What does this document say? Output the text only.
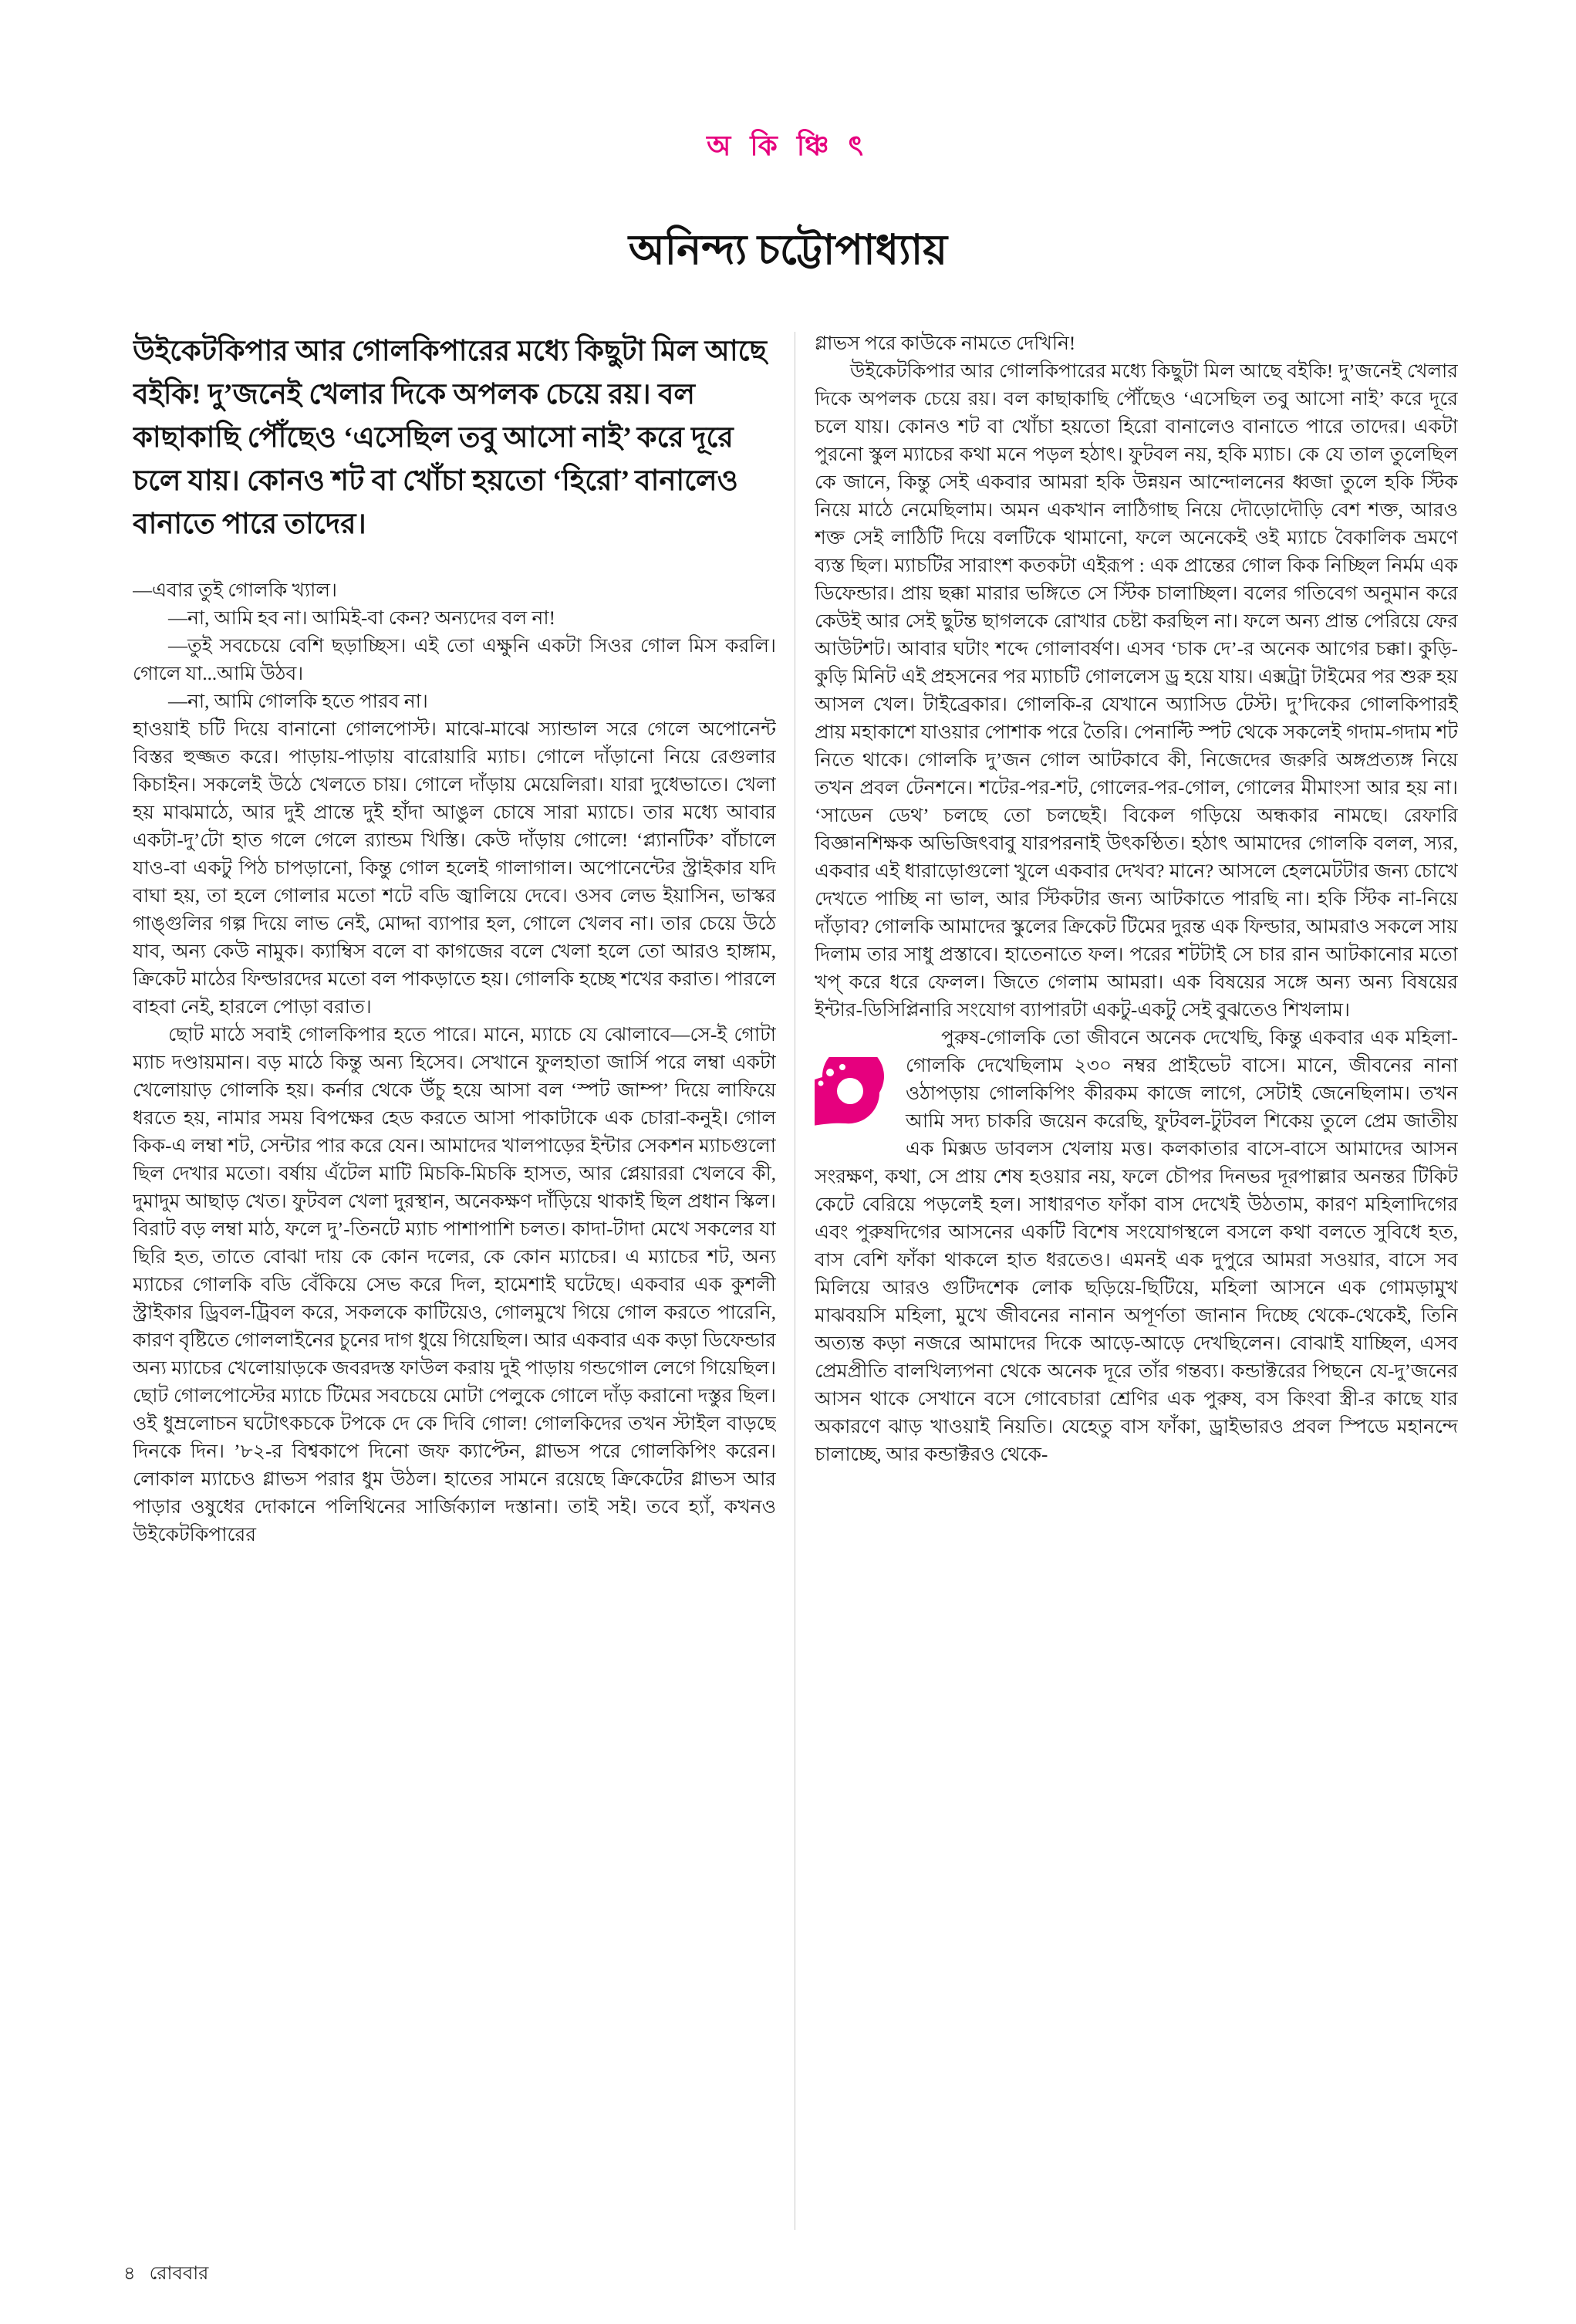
অ কি ঞ্চি ৎ
অনিন্দ্য চট্টোপাধ্যায়

উইকেটকিপার আর গোলকিপারের মধ্যে কিছুটা মিল আছে বইকি! দু’জনেই খেলার দিকে অপলক চেয়ে রয়। বল কাছাকাছি পৌঁছেও ‘এসেছিল তবু আসো নাই’ করে দূরে চলে যায়। কোনও শট বা খোঁচা হয়তো ‘হিরো’ বানালেও বানাতে পারে তাদের।

—এবার তুই গোলকি খ্যাল।

—না, আমি হব না। আমিই-বা কেন? অন্যদের বল না!

—তুই সবচেয়ে বেশি ছড়াচ্ছিস। এই তো এক্ষুনি একটা সিওর গোল মিস করলি। গোলে যা...আমি উঠব।

—না, আমি গোলকি হতে পারব না।

হাওয়াই চটি দিয়ে বানানো গোলপোস্ট। মাঝে-মাঝে স্যান্ডাল সরে গেলে অপোনেন্ট বিস্তর হুজ্জত করে। পাড়ায়-পাড়ায় বারোয়ারি ম্যাচ। গোলে দাঁড়ানো নিয়ে রেগুলার কিচাইন। সকলেই উঠে খেলতে চায়। গোলে দাঁড়ায় মেয়েলিরা। যারা দুধেভাতে। খেলা হয় মাঝমাঠে, আর দুই প্রান্তে দুই হাঁদা আঙুল চোষে সারা ম্যাচে। তার মধ্যে আবার একটা-দু’টো হাত গলে গেলে র‍্যান্ডম খিস্তি। কেউ দাঁড়ায় গোলে! ‘প্ল্যানটিক’ বাঁচালে যাও-বা একটু পিঠ চাপড়ানো, কিন্তু গোল হলেই গালাগাল। অপোনেন্টের স্ট্রাইকার যদি বাঘা হয়, তা হলে গোলার মতো শটে বডি জ্বালিয়ে দেবে। ওসব লেভ ইয়াসিন, ভাস্কর গাঙ্গুলির গল্প দিয়ে লাভ নেই, মোদ্দা ব্যাপার হল, গোলে খেলব না। তার চেয়ে উঠে যাব, অন্য কেউ নামুক। ক্যাম্বিস বলে বা কাগজের বলে খেলা হলে তো আরও হাঙ্গাম, ক্রিকেট মাঠের ফিল্ডারদের মতো বল পাকড়াতে হয়। গোলকি হচ্ছে শখের করাত। পারলে বাহবা নেই, হারলে পোড়া বরাত।

ছোট মাঠে সবাই গোলকিপার হতে পারে। মানে, ম্যাচে যে ঝোলাবে—সে-ই গোটা ম্যাচ দণ্ডায়মান। বড় মাঠে কিন্তু অন্য হিসেব। সেখানে ফুলহাতা জার্সি পরে লম্বা একটা খেলোয়াড় গোলকি হয়। কর্নার থেকে উঁচু হয়ে আসা বল ‘স্পট জাম্প’ দিয়ে লাফিয়ে ধরতে হয়, নামার সময় বিপক্ষের হেড করতে আসা পাকাটাকে এক চোরা-কনুই। গোল কিক-এ লম্বা শট, সেন্টার পার করে যেন। আমাদের খালপাড়ের ইন্টার সেকশন ম্যাচগুলো ছিল দেখার মতো। বর্ষায় এঁটেল মাটি মিচকি-মিচকি হাসত, আর প্লেয়াররা খেলবে কী, দুমাদুম আছাড় খেত। ফুটবল খেলা দুরস্থান, অনেকক্ষণ দাঁড়িয়ে থাকাই ছিল প্রধান স্কিল। বিরাট বড় লম্বা মাঠ, ফলে দু’-তিনটে ম্যাচ পাশাপাশি চলত। কাদা-টাদা মেখে সকলের যা ছিরি হত, তাতে বোঝা দায় কে কোন দলের, কে কোন ম্যাচের। এ ম্যাচের শট, অন্য ম্যাচের গোলকি বডি বেঁকিয়ে সেভ করে দিল, হামেশাই ঘটেছে। একবার এক কুশলী স্ট্রাইকার ড্রিবল-ট্রিবল করে, সকলকে কাটিয়েও, গোলমুখে গিয়ে গোল করতে পারেনি, কারণ বৃষ্টিতে গোললাইনের চুনের দাগ ধুয়ে গিয়েছিল। আর একবার এক কড়া ডিফেন্ডার অন্য ম্যাচের খেলোয়াড়কে জবরদস্ত ফাউল করায় দুই পাড়ায় গন্ডগোল লেগে গিয়েছিল। ছোট গোলপোস্টের ম্যাচে টিমের সবচেয়ে মোটা পেলুকে গোলে দাঁড় করানো দস্তুর ছিল। ওই ধুম্রলোচন ঘটোৎকচকে টপকে দে কে দিবি গোল! গোলকিদের তখন স্টাইল বাড়ছে দিনকে দিন। ’৮২-র বিশ্বকাপে দিনো জফ ক্যাপ্টেন, গ্লাভস পরে গোলকিপিং করেন। লোকাল ম্যাচেও গ্লাভস পরার ধুম উঠল। হাতের সামনে রয়েছে ক্রিকেটের গ্লাভস আর পাড়ার ওষুধের দোকানে পলিথিনের সার্জিক্যাল দস্তানা। তাই সই। তবে হ্যাঁ, কখনও উইকেটকিপারের

গ্লাভস পরে কাউকে নামতে দেখিনি!

উইকেটকিপার আর গোলকিপারের মধ্যে কিছুটা মিল আছে বইকি! দু’জনেই খেলার দিকে অপলক চেয়ে রয়। বল কাছাকাছি পৌঁছেও ‘এসেছিল তবু আসো নাই’ করে দূরে চলে যায়। কোনও শট বা খোঁচা হয়তো হিরো বানালেও বানাতে পারে তাদের। একটা পুরনো স্কুল ম্যাচের কথা মনে পড়ল হঠাৎ। ফুটবল নয়, হকি ম্যাচ। কে যে তাল তুলেছিল কে জানে, কিন্তু সেই একবার আমরা হকি উন্নয়ন আন্দোলনের ধ্বজা তুলে হকি স্টিক নিয়ে মাঠে নেমেছিলাম। অমন একখান লাঠিগাছ নিয়ে দৌড়োদৌড়ি বেশ শক্ত, আরও শক্ত সেই লাঠিটি দিয়ে বলটিকে থামানো, ফলে অনেকেই ওই ম্যাচে বৈকালিক ভ্রমণে ব্যস্ত ছিল। ম্যাচটির সারাংশ কতকটা এইরূপ : এক প্রান্তের গোল কিক নিচ্ছিল নির্মম এক ডিফেন্ডার। প্রায় ছক্কা মারার ভঙ্গিতে সে স্টিক চালাচ্ছিল। বলের গতিবেগ অনুমান করে কেউই আর সেই ছুটন্ত ছাগলকে রোখার চেষ্টা করছিল না। ফলে অন্য প্রান্ত পেরিয়ে ফের আউটশট। আবার ঘটাং শব্দে গোলাবর্ষণ। এসব ‘চাক দে’-র অনেক আগের চক্কা। কুড়ি-কুড়ি মিনিট এই প্রহসনের পর ম্যাচটি গোললেস ড্র হয়ে যায়। এক্সট্রা টাইমের পর শুরু হয় আসল খেল। টাইব্রেকার। গোলকি-র যেখানে অ্যাসিড টেস্ট। দু’দিকের গোলকিপারই প্রায় মহাকাশে যাওয়ার পোশাক পরে তৈরি। পেনাল্টি স্পট থেকে সকলেই গদাম-গদাম শট নিতে থাকে। গোলকি দু’জন গোল আটকাবে কী, নিজেদের জরুরি অঙ্গপ্রত্যঙ্গ নিয়ে তখন প্রবল টেনশনে। শটের-পর-শট, গোলের-পর-গোল, গোলের মীমাংসা আর হয় না। ‘সাডেন ডেথ’ চলছে তো চলছেই। বিকেল গড়িয়ে অন্ধকার নামছে। রেফারি বিজ্ঞানশিক্ষক অভিজিৎবাবু যারপরনাই উৎকণ্ঠিত। হঠাৎ আমাদের গোলকি বলল, স্যর, একবার এই ধারাড়োগুলো খুলে একবার দেখব? মানে? আসলে হেলমেটটার জন্য চোখে দেখতে পাচ্ছি না ভাল, আর স্টিকটার জন্য আটকাতে পারছি না। হকি স্টিক না-নিয়ে দাঁড়াব? গোলকি আমাদের স্কুলের ক্রিকেট টিমের দুরন্ত এক ফিল্ডার, আমরাও সকলে সায় দিলাম তার সাধু প্রস্তাবে। হাতেনাতে ফল। পরের শটটাই সে চার রান আটকানোর মতো খপ্ করে ধরে ফেলল। জিতে গেলাম আমরা। এক বিষয়ের সঙ্গে অন্য অন্য বিষয়ের ইন্টার-ডিসিপ্লিনারি সংযোগ ব্যাপারটা একটু-একটু সেই বুঝতেও শিখলাম।

পুরুষ-গোলকি তো জীবনে অনেক দেখেছি, কিন্তু একবার এক মহিলা-গোলকি দেখেছিলাম ২৩০ নম্বর প্রাইভেট বাসে। মানে, জীবনের নানা ওঠাপড়ায় গোলকিপিং কীরকম কাজে লাগে, সেটাই জেনেছিলাম। তখন আমি সদ্য চাকরি জয়েন করেছি, ফুটবল-টুটবল শিকেয় তুলে প্রেম জাতীয় এক মিক্সড ডাবলস খেলায় মত্ত। কলকাতার বাসে-বাসে আমাদের আসন সংরক্ষণ, কথা, সে প্রায় শেষ হওয়ার নয়, ফলে চৌপর দিনভর দূরপাল্লার অনন্তর টিকিট কেটে বেরিয়ে পড়লেই হল। সাধারণত ফাঁকা বাস দেখেই উঠতাম, কারণ মহিলাদিগের এবং পুরুষদিগের আসনের একটি বিশেষ সংযোগস্থলে বসলে কথা বলতে সুবিধে হত, বাস বেশি ফাঁকা থাকলে হাত ধরতেও। এমনই এক দুপুরে আমরা সওয়ার, বাসে সব মিলিয়ে আরও গুটিদশেক লোক ছড়িয়ে-ছিটিয়ে, মহিলা আসনে এক গোমড়ামুখ মাঝবয়সি মহিলা, মুখে জীবনের নানান অপূর্ণতা জানান দিচ্ছে থেকে-থেকেই, তিনি অত্যন্ত কড়া নজরে আমাদের দিকে আড়ে-আড়ে দেখছিলেন। বোঝাই যাচ্ছিল, এসব প্রেমপ্রীতি বালখিল্যপনা থেকে অনেক দূরে তাঁর গন্তব্য। কন্ডাক্টরের পিছনে যে-দু’জনের আসন থাকে সেখানে বসে গোবেচারা শ্রেণির এক পুরুষ, বস কিংবা স্ত্রী-র কাছে যার অকারণে ঝাড় খাওয়াই নিয়তি। যেহেতু বাস ফাঁকা, ড্রাইভারও প্রবল স্পিডে মহানন্দে চালাচ্ছে, আর কন্ডাক্টরও থেকে-

৪ রোববার
